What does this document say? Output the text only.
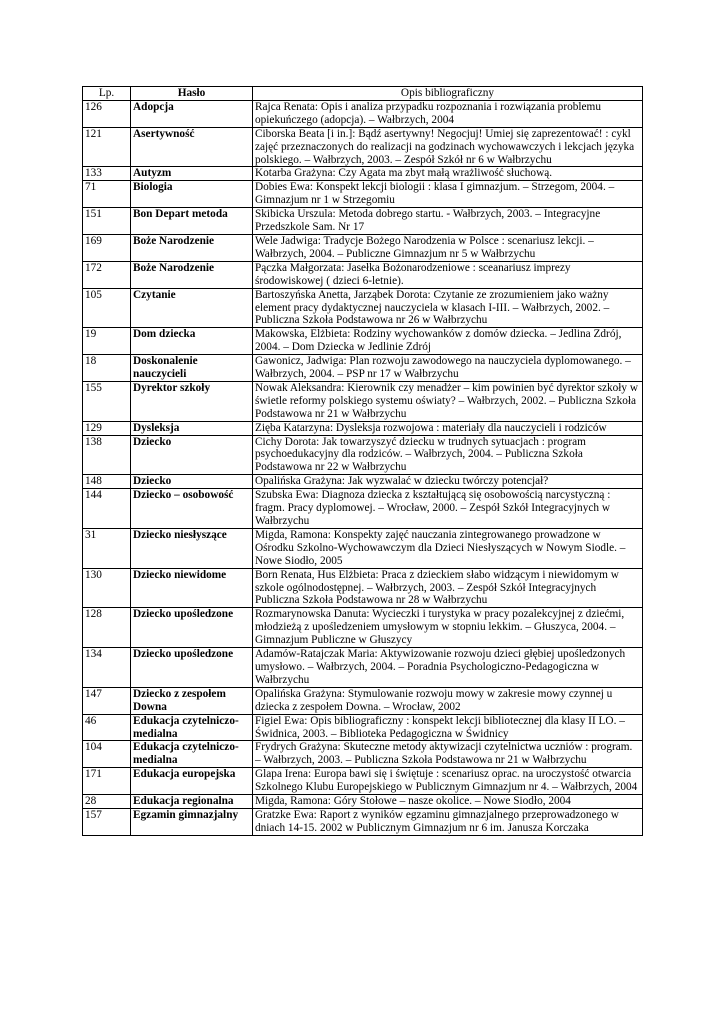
Lp.	Hasło	Opis bibliograficzny
126	Adopcja	Rajca Renata: Opis i analiza przypadku rozpoznania i rozwiązania problemu opiekuńczego (adopcja). – Wałbrzych, 2004
121	Asertywność	Ciborska Beata [i in.]: Bądź asertywny! Negocjuj! Umiej się zaprezentować! : cykl zajęć przeznaczonych do realizacji na godzinach wychowawczych i lekcjach języka polskiego. – Wałbrzych, 2003. – Zespół Szkół nr 6 w Wałbrzychu
133	Autyzm	Kotarba Grażyna: Czy Agata ma zbyt małą wrażliwość słuchową.
71	Biologia	Dobies Ewa: Konspekt lekcji biologii : klasa I gimnazjum. – Strzegom, 2004. – Gimnazjum nr 1 w Strzegomiu
151	Bon Depart metoda	Skibicka Urszula: Metoda dobrego startu. - Wałbrzych, 2003. – Integracyjne Przedszkole Sam. Nr 17
169	Boże Narodzenie	Wele Jadwiga: Tradycje Bożego Narodzenia w Polsce : scenariusz lekcji. – Wałbrzych, 2004. – Publiczne Gimnazjum nr 5 w Wałbrzychu
172	Boże Narodzenie	Pączka Małgorzata: Jasełka Bożonarodzeniowe : sceanariusz imprezy środowiskowej ( dzieci 6-letnie).
105	Czytanie	Bartoszyńska Anetta, Jarząbek Dorota: Czytanie ze zrozumieniem jako ważny element pracy dydaktycznej nauczyciela w klasach I-III. – Wałbrzych, 2002. – Publiczna Szkoła Podstawowa nr 26 w Wałbrzychu
19	Dom dziecka	Makowska, Elżbieta: Rodziny wychowanków z domów dziecka. – Jedlina Zdrój, 2004. – Dom Dziecka w Jedlinie Zdrój
18	Doskonalenie nauczycieli	Gawonicz, Jadwiga: Plan rozwoju zawodowego na nauczyciela dyplomowanego. – Wałbrzych, 2004. – PSP nr 17 w Wałbrzychu
155	Dyrektor szkoły	Nowak Aleksandra: Kierownik czy menadżer – kim powinien być dyrektor szkoły w świetle reformy polskiego systemu oświaty? – Wałbrzych, 2002. – Publiczna Szkoła Podstawowa nr 21 w Wałbrzychu
129	Dysleksja	Zięba Katarzyna: Dysleksja rozwojowa : materiały dla nauczycieli i rodziców
138	Dziecko	Cichy Dorota: Jak towarzyszyć dziecku w trudnych sytuacjach : program psychoedukacyjny dla rodziców. – Wałbrzych, 2004. – Publiczna Szkoła Podstawowa nr 22 w Wałbrzychu
148	Dziecko	Opalińska Grażyna: Jak wyzwalać w dziecku twórczy potencjał?
144	Dziecko – osobowość	Szubska Ewa: Diagnoza dziecka z kształtującą się osobowością narcystyczną : fragm. Pracy dyplomowej. – Wrocław, 2000. – Zespół Szkół Integracyjnych w Wałbrzychu
31	Dziecko niesłyszące	Migda, Ramona: Konspekty zajęć nauczania zintegrowanego prowadzone w Ośrodku Szkolno-Wychowawczym dla Dzieci Niesłyszących w Nowym Siodle. – Nowe Siodło, 2005
130	Dziecko niewidome	Born Renata, Hus Elżbieta: Praca z dzieckiem słabo widzącym i niewidomym w szkole ogólnodostępnej. – Wałbrzych, 2003. – Zespół Szkół Integracyjnych Publiczna Szkoła Podstawowa nr 28 w Wałbrzychu
128	Dziecko upośledzone	Rozmarynowska Danuta: Wycieczki i turystyka w pracy pozalekcyjnej z dziećmi, młodzieżą z upośledzeniem umysłowym w stopniu lekkim. – Głuszyca, 2004. – Gimnazjum Publiczne w Głuszycy
134	Dziecko upośledzone	Adamów-Ratajczak Maria: Aktywizowanie rozwoju dzieci głębiej upośledzonych umysłowo. – Wałbrzych, 2004. – Poradnia Psychologiczno-Pedagogiczna w Wałbrzychu
147	Dziecko z zespołem Downa	Opalińska Grażyna: Stymulowanie rozwoju mowy w zakresie mowy czynnej u dziecka z zespołem Downa. – Wrocław, 2002
46	Edukacja czytelniczo-medialna	Figiel Ewa: Opis bibliograficzny : konspekt lekcji bibliotecznej dla klasy II LO. – Świdnica, 2003. – Biblioteka Pedagogiczna w Świdnicy
104	Edukacja czytelniczo-medialna	Frydrych Grażyna: Skuteczne metody aktywizacji czytelnictwa uczniów : program. – Wałbrzych, 2003. – Publiczna Szkoła Podstawowa nr 21 w Wałbrzychu
171	Edukacja europejska	Glapa Irena: Europa bawi się i świętuje : scenariusz oprac. na uroczystość otwarcia Szkolnego Klubu Europejskiego w Publicznym Gimnazjum nr 4. – Wałbrzych, 2004
28	Edukacja regionalna	Migda, Ramona: Góry Stołowe – nasze okolice. – Nowe Siodło, 2004
157	Egzamin gimnazjalny	Gratzke Ewa: Raport z wyników egzaminu gimnazjalnego przeprowadzonego w dniach 14-15. 2002 w Publicznym Gimnazjum nr 6 im. Janusza Korczaka
